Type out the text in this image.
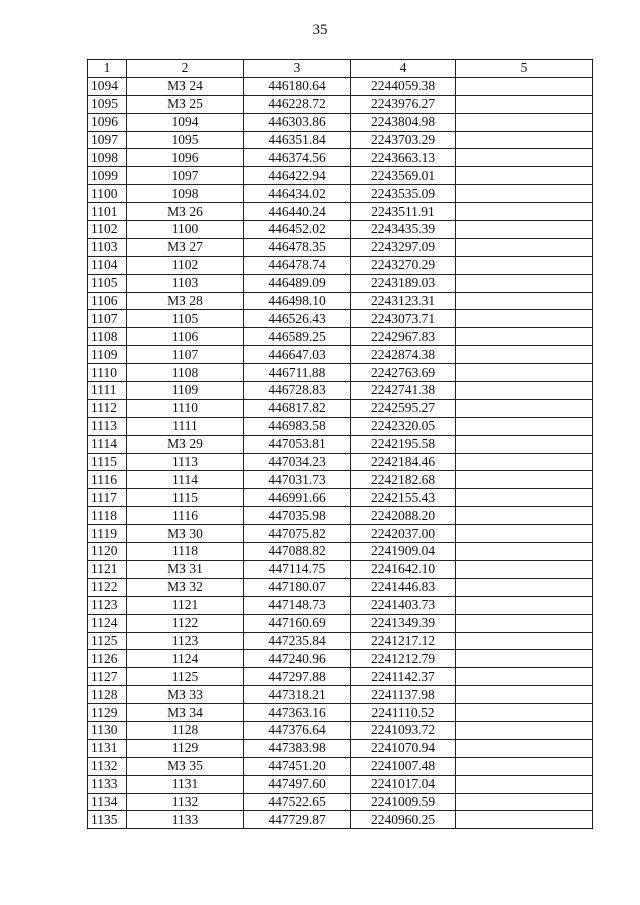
35
1	2	3	4	5
1094	МЗ 24	446180.64	2244059.38	
1095	МЗ 25	446228.72	2243976.27	
1096	1094	446303.86	2243804.98	
1097	1095	446351.84	2243703.29	
1098	1096	446374.56	2243663.13	
1099	1097	446422.94	2243569.01	
1100	1098	446434.02	2243535.09	
1101	МЗ 26	446440.24	2243511.91	
1102	1100	446452.02	2243435.39	
1103	МЗ 27	446478.35	2243297.09	
1104	1102	446478.74	2243270.29	
1105	1103	446489.09	2243189.03	
1106	МЗ 28	446498.10	2243123.31	
1107	1105	446526.43	2243073.71	
1108	1106	446589.25	2242967.83	
1109	1107	446647.03	2242874.38	
1110	1108	446711.88	2242763.69	
1111	1109	446728.83	2242741.38	
1112	1110	446817.82	2242595.27	
1113	1111	446983.58	2242320.05	
1114	МЗ 29	447053.81	2242195.58	
1115	1113	447034.23	2242184.46	
1116	1114	447031.73	2242182.68	
1117	1115	446991.66	2242155.43	
1118	1116	447035.98	2242088.20	
1119	МЗ 30	447075.82	2242037.00	
1120	1118	447088.82	2241909.04	
1121	МЗ 31	447114.75	2241642.10	
1122	МЗ 32	447180.07	2241446.83	
1123	1121	447148.73	2241403.73	
1124	1122	447160.69	2241349.39	
1125	1123	447235.84	2241217.12	
1126	1124	447240.96	2241212.79	
1127	1125	447297.88	2241142.37	
1128	МЗ 33	447318.21	2241137.98	
1129	МЗ 34	447363.16	2241110.52	
1130	1128	447376.64	2241093.72	
1131	1129	447383.98	2241070.94	
1132	МЗ 35	447451.20	2241007.48	
1133	1131	447497.60	2241017.04	
1134	1132	447522.65	2241009.59	
1135	1133	447729.87	2240960.25	
